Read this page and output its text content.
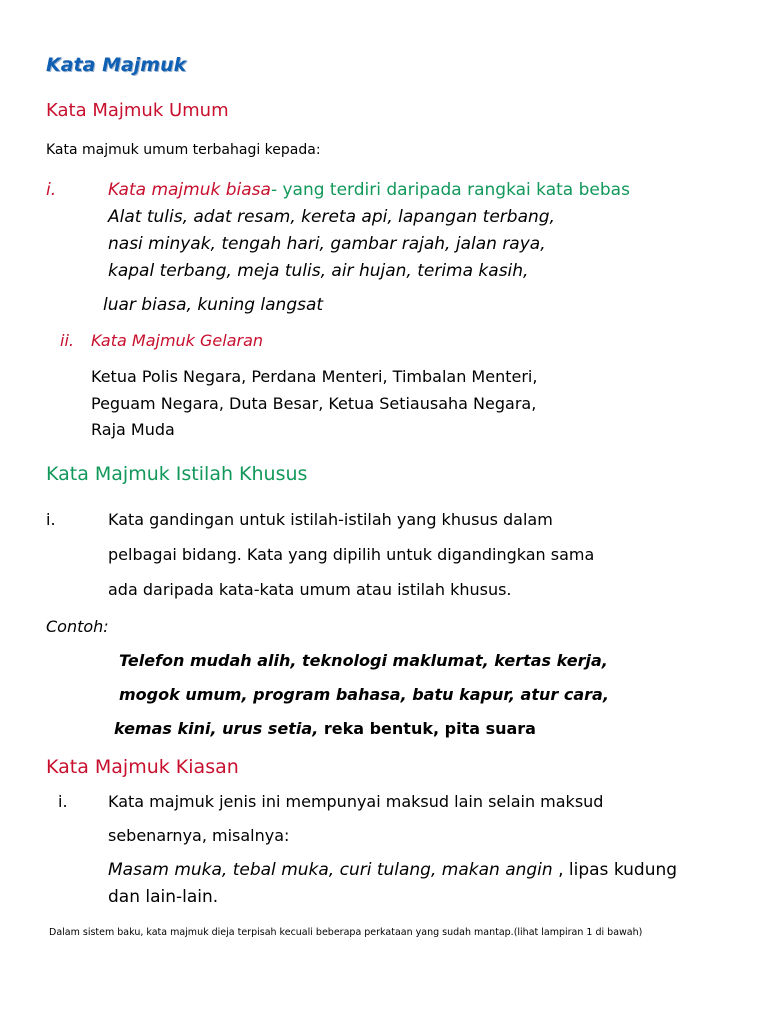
Kata Majmuk
Kata Majmuk Umum
Kata majmuk umum terbahagi kepada:
i.	Kata majmuk biasa- yang terdiri daripada rangkai kata bebas
Alat tulis, adat resam, kereta api, lapangan terbang,
nasi minyak, tengah hari, gambar rajah, jalan raya,
kapal terbang, meja tulis, air hujan, terima kasih,
luar biasa, kuning langsat
ii. Kata Majmuk Gelaran
Ketua Polis Negara, Perdana Menteri, Timbalan Menteri,
Peguam Negara, Duta Besar, Ketua Setiausaha Negara,
Raja Muda
Kata Majmuk Istilah Khusus
i.	Kata gandingan untuk istilah-istilah yang khusus dalam
pelbagai bidang. Kata yang dipilih untuk digandingkan sama
ada daripada kata-kata umum atau istilah khusus.
Contoh:
Telefon mudah alih, teknologi maklumat, kertas kerja,
mogok umum, program bahasa, batu kapur, atur cara,
kemas kini, urus setia, reka bentuk, pita suara
Kata Majmuk Kiasan
i.	Kata majmuk jenis ini mempunyai maksud lain selain maksud
sebenarnya, misalnya:
Masam muka, tebal muka, curi tulang, makan angin , lipas kudung
dan lain-lain.
Dalam sistem baku, kata majmuk dieja terpisah kecuali beberapa perkataan yang sudah mantap.(lihat lampiran 1 di bawah)
